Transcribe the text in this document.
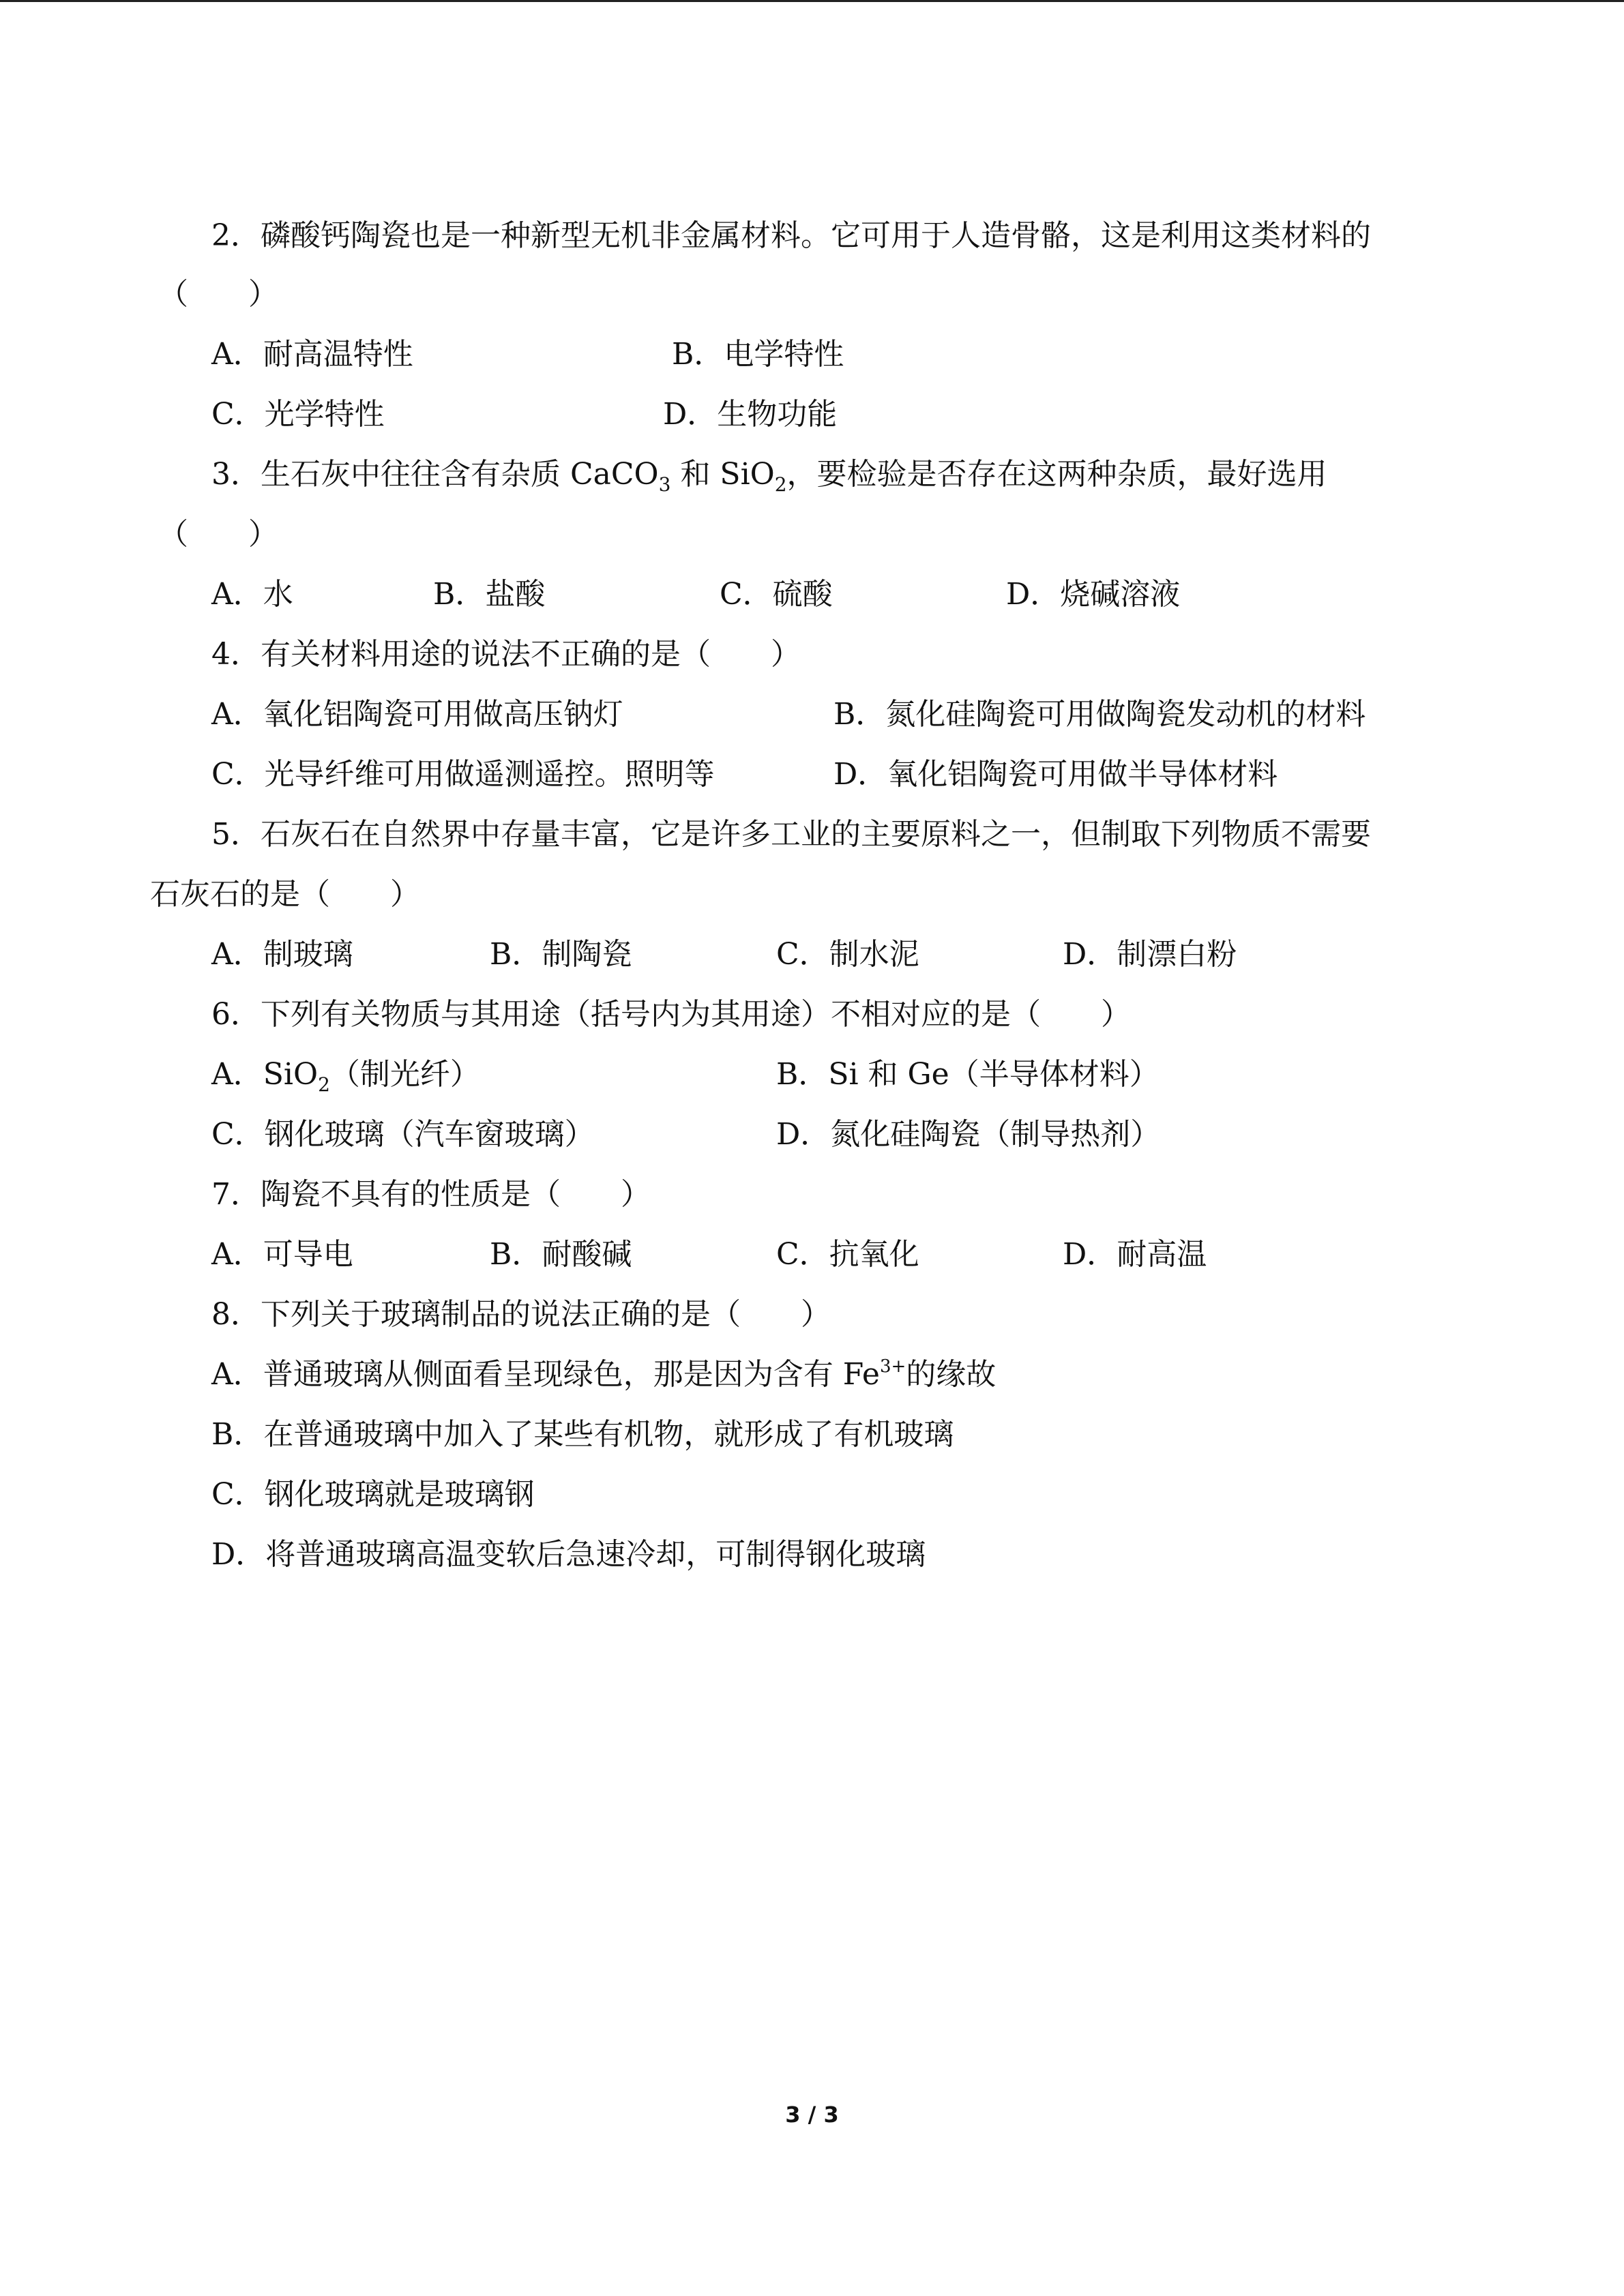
2．磷酸钙陶瓷也是一种新型无机非金属材料。它可用于人造骨骼，这是利用这类材料的
（　　）
A．耐高温特性	B．电学特性
C．光学特性	D．生物功能
3．生石灰中往往含有杂质 CaCO$_3$ 和 SiO$_2$，要检验是否存在这两种杂质，最好选用
（　　）
A．水	B．盐酸	C．硫酸	D．烧碱溶液
4．有关材料用途的说法不正确的是（　　）
A．氧化铝陶瓷可用做高压钠灯	B．氮化硅陶瓷可用做陶瓷发动机的材料
C．光导纤维可用做遥测遥控。照明等	D．氧化铝陶瓷可用做半导体材料
5．石灰石在自然界中存量丰富，它是许多工业的主要原料之一，但制取下列物质不需要
石灰石的是（　　）
A．制玻璃	B．制陶瓷	C．制水泥	D．制漂白粉
6．下列有关物质与其用途（括号内为其用途）不相对应的是（　　）
A．SiO$_2$（制光纤）	B．Si 和 Ge（半导体材料）
C．钢化玻璃（汽车窗玻璃）	D．氮化硅陶瓷（制导热剂）
7．陶瓷不具有的性质是（　　）
A．可导电	B．耐酸碱	C．抗氧化	D．耐高温
8．下列关于玻璃制品的说法正确的是（　　）
A．普通玻璃从侧面看呈现绿色，那是因为含有 $Fe^{3+}$的缘故
B．在普通玻璃中加入了某些有机物，就形成了有机玻璃
C．钢化玻璃就是玻璃钢
D．将普通玻璃高温变软后急速冷却，可制得钢化玻璃
3 / 3
